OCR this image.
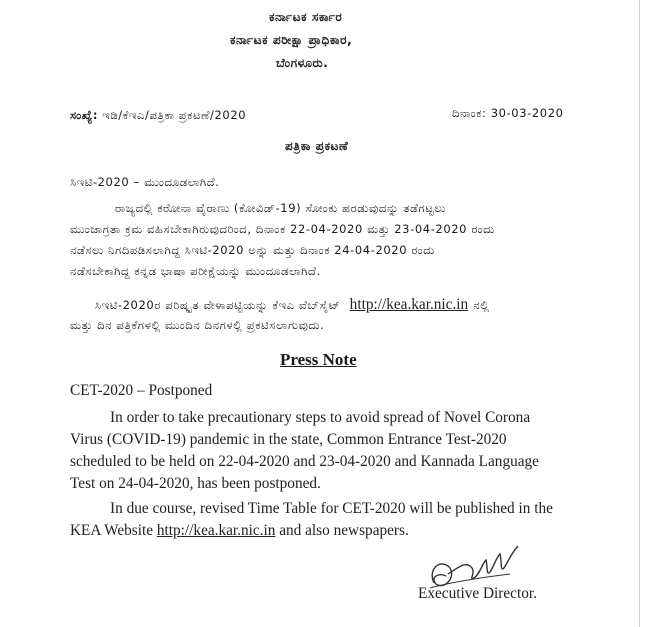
ಕರ್ನಾಟಕ ಸರ್ಕಾರ
ಕರ್ನಾಟಕ ಪರೀಕ್ಷಾ ಪ್ರಾಧಿಕಾರ,
ಬೆಂಗಳೂರು.
ಸಂಖ್ಯೆ: ಇಡಿ/ಕೆಇಎ/ಪತ್ರಿಕಾ ಪ್ರಕಟಣೆ/2020	ದಿನಾಂಕ: 30-03-2020
ಪತ್ರಿಕಾ ಪ್ರಕಟಣೆ
ಸಿಇಟಿ-2020 – ಮುಂದೂಡಲಾಗಿದೆ.
ರಾಜ್ಯದಲ್ಲಿ ಕರೋನಾ ವೈರಾಣು (ಕೋವಿಡ್-19) ಸೋಂಕು ಹರಡುವುದನ್ನು ತಡೆಗಟ್ಟಲು
ಮುಂಜಾಗ್ರತಾ ಕ್ರಮ ವಹಿಸಬೇಕಾಗಿರುವುದರಿಂದ, ದಿನಾಂಕ 22-04-2020 ಮತ್ತು 23-04-2020 ರಂದು
ನಡೆಸಲು ನಿಗದಿಪಡಿಸಲಾಗಿದ್ದ ಸಿಇಟಿ-2020 ಅನ್ನು ಮತ್ತು ದಿನಾಂಕ 24-04-2020 ರಂದು
ನಡೆಸಬೇಕಾಗಿದ್ದ ಕನ್ನಡ ಭಾಷಾ ಪರೀಕ್ಷೆಯನ್ನು ಮುಂದೂಡಲಾಗಿದೆ.
ಸಿಇಟಿ-2020ರ ಪರಿಷ್ಕೃತ ವೇಳಾಪಟ್ಟಿಯನ್ನು ಕೆಇಎ ವೆಬ್‌ಸೈಟ್ http://kea.kar.nic.in ನಲ್ಲಿ
ಮತ್ತು ದಿನ ಪತ್ರಿಕೆಗಳಲ್ಲಿ ಮುಂದಿನ ದಿನಗಳಲ್ಲಿ ಪ್ರಕಟಿಸಲಾಗುವುದು.
Press Note
CET-2020 – Postponed
In order to take precautionary steps to avoid spread of Novel Corona
Virus (COVID-19) pandemic in the state, Common Entrance Test-2020
scheduled to be held on 22-04-2020 and 23-04-2020 and Kannada Language
Test on 24-04-2020, has been postponed.
In due course, revised Time Table for CET-2020 will be published in the
KEA Website http://kea.kar.nic.in and also newspapers.
Executive Director.
